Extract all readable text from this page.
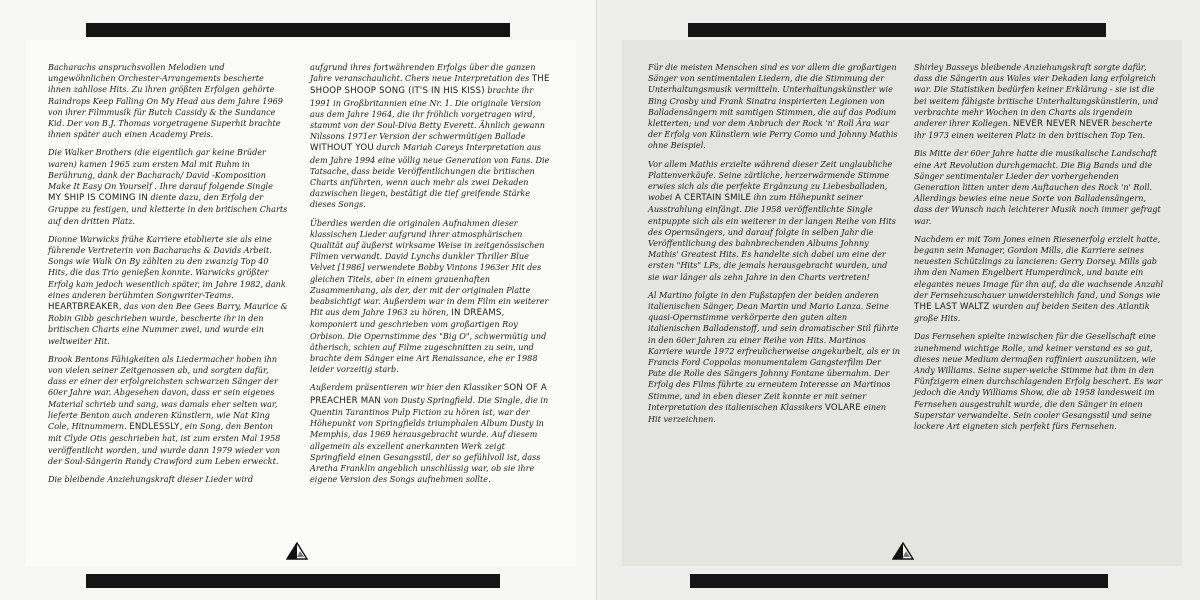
Bacharachs anspruchsvollen Melodien und ungewöhnlichen Orchester-Arrangements bescherte ihnen zahllose Hits. Zu ihren größten Erfolgen gehörte Raindrops Keep Falling On My Head aus dem Jahre 1969 von ihrer Filmmusik für Butch Cassidy & the Sundance Kid. Der von B.J. Thomas vorgetragene Superhit brachte ihnen später auch einen Academy Preis.

Die Walker Brothers (die eigentlich gar keine Brüder waren) kamen 1965 zum ersten Mal mit Ruhm in Berührung, dank der Bacharach/ David -Komposition Make It Easy On Yourself . Ihre darauf folgende Single MY SHIP IS COMING IN diente dazu, den Erfolg der Gruppe zu festigen, und kletterte in den britischen Charts auf den dritten Platz.

Dionne Warwicks frühe Karriere etablierte sie als eine führende Vertreterin von Bacharachs & Davids Arbeit. Songs wie Walk On By zählten zu den zwanzig Top 40 Hits, die das Trio genießen konnte. Warwicks größter Erfolg kam jedoch wesentlich später, im Jahre 1982, dank eines anderen berühmten Songwriter-Teams. HEARTBREAKER, das von den Bee Gees Barry, Maurice & Robin Gibb geschrieben wurde, bescherte ihr in den britischen Charts eine Nummer zwei, und wurde ein weltweiter Hit.

Brook Bentons Fähigkeiten als Liedermacher hoben ihn von vielen seiner Zeitgenossen ab, und sorgten dafür, dass er einer der erfolgreichsten schwarzen Sänger der 60er Jahre war. Abgesehen davon, dass er sein eigenes Material schrieb und sang, was damals eher selten war, lieferte Benton auch anderen Künstlern, wie Nat King Cole, Hitnummern. ENDLESSLY, ein Song, den Benton mit Clyde Otis geschrieben hat, ist zum ersten Mal 1958 veröffentlicht worden, und wurde dann 1979 wieder von der Soul-Sängerin Randy Crawford zum Leben erweckt.

Die bleibende Anziehungskraft dieser Lieder wird

aufgrund ihres fortwährenden Erfolgs über die ganzen Jahre veranschaulicht. Chers neue Interpretation des THE SHOOP SHOOP SONG (IT'S IN HIS KISS) brachte ihr 1991 in Großbritannien eine Nr. 1. Die originale Version aus dem Jahre 1964, die ihr fröhlich vorgetragen wird, stammt von der Soul-Diva Betty Everett. Ähnlich gewann Nilssons 1971er Version der schwermütigen Ballade WITHOUT YOU durch Mariah Careys Interpretation aus dem Jahre 1994 eine völlig neue Generation von Fans. Die Tatsache, dass beide Veröffentlichungen die britischen Charts anführten, wenn auch mehr als zwei Dekaden dazwischen liegen, bestätigt die tief greifende Stärke dieses Songs.

Überdies werden die originalen Aufnahmen dieser klassischen Lieder aufgrund ihrer atmosphärischen Qualität auf äußerst wirksame Weise in zeitgenössischen Filmen verwandt. David Lynchs dunkler Thriller Blue Velvet [1986] verwendete Bobby Vintons 1963er Hit des gleichen Titels, aber in einem grauenhaften Zusammenhang, als der, der mit der originalen Platte beabsichtigt war. Außerdem war in dem Film ein weiterer Hit aus dem Jahre 1963 zu hören, IN DREAMS, komponiert und geschrieben vom großartigen Roy Orbison. Die Opernstimme des "Big O", schwermütig und ätherisch, schien auf Filme zugeschnitten zu sein, und brachte dem Sänger eine Art Renaissance, ehe er 1988 leider vorzeitig starb.

Außerdem präsentieren wir hier den Klassiker SON OF A PREACHER MAN von Dusty Springfield. Die Single, die in Quentin Tarantinos Pulp Fiction zu hören ist, war der Höhepunkt von Springfields triumphalen Album Dusty in Memphis, das 1969 herausgebracht wurde. Auf diesem allgemein als exzellent anerkannten Werk zeigt Springfield einen Gesangsstil, der so gefühlvoll ist, dass Aretha Franklin angeblich unschlüssig war, ob sie ihre eigene Version des Songs aufnehmen sollte.

Für die meisten Menschen sind es vor allem die großartigen Sänger von sentimentalen Liedern, die die Stimmung der Unterhaltungsmusik vermitteln. Unterhaltungskünstler wie Bing Crosby und Frank Sinatra inspirierten Legionen von Balladensängern mit samtigen Stimmen, die auf das Podium kletterten; und vor dem Anbruch der Rock 'n' Roll Ära war der Erfolg von Künstlern wie Perry Como und Johnny Mathis ohne Beispiel.

Vor allem Mathis erzielte während dieser Zeit unglaubliche Plattenverkäufe. Seine zärtliche, herzerwärmende Stimme erwies sich als die perfekte Ergänzung zu Liebesballaden, wobei A CERTAIN SMILE ihn zum Höhepunkt seiner Ausstrahlung einfängt. Die 1958 veröffentlichte Single entpuppte sich als ein weiterer in der langen Reihe von Hits des Opernsängers, und darauf folgte in selben Jahr die Veröffentlichung des bahnbrechenden Albums Johnny Mathis' Greatest Hits. Es handelte sich dabei um eine der ersten "Hits" LPs, die jemals herausgebracht wurden, und sie war länger als zehn Jahre in den Charts vertreten!

Al Martino folgte in den Fußstapfen der beiden anderen italienischen Sänger, Dean Martin und Mario Lanza. Seine quasi-Opernstimme verkörperte den guten alten italienischen Balladenstoff, und sein dramatischer Stil führte in den 60er Jahren zu einer Reihe von Hits. Martinos Karriere wurde 1972 erfreulicherweise angekurbelt, als er in Francis Ford Coppolas monumentalem Gangsterfilm Der Pate die Rolle des Sängers Johnny Fontane übernahm. Der Erfolg des Films führte zu erneutem Interesse an Martinos Stimme, und in eben dieser Zeit konnte er mit seiner Interpretation des italienischen Klassikers VOLARE einen Hit verzeichnen.

Shirley Basseys bleibende Anziehungskraft sorgte dafür, dass die Sängerin aus Wales vier Dekaden lang erfolgreich war. Die Statistiken bedürfen keiner Erklärung - sie ist die bei weitem fähigste britische Unterhaltungskünstlerin, und verbrachte mehr Wochen in den Charts als irgendein anderer ihrer Kollegen. NEVER NEVER NEVER bescherte ihr 1973 einen weiteren Platz in den britischen Top Ten.

Bis Mitte der 60er Jahre hatte die musikalische Landschaft eine Art Revolution durchgemacht. Die Big Bands und die Sänger sentimentaler Lieder der vorhergehenden Generation litten unter dem Auftauchen des Rock 'n' Roll. Allerdings bewies eine neue Sorte von Balladensängern, dass der Wunsch nach leichterer Musik noch immer gefragt war.

Nachdem er mit Tom Jones einen Riesenerfolg erzielt hatte, begann sein Manager, Gordon Mills, die Karriere seines neuesten Schützlings zu lancieren: Gerry Dorsey. Mills gab ihm den Namen Engelbert Humperdinck, und baute ein elegantes neues Image für ihn auf, da die wachsende Anzahl der Fernsehzuschauer unwiderstehlich fand, und Songs wie THE LAST WALTZ wurden auf beiden Seiten des Atlantik große Hits.

Das Fernsehen spielte inzwischen für die Gesellschaft eine zunehmend wichtige Rolle, und keiner verstand es so gut, dieses neue Medium dermaßen raffiniert auszunützen, wie Andy Williams. Seine super-weiche Stimme hat ihm in den Fünfzigern einen durchschlagenden Erfolg beschert. Es war jedoch die Andy Williams Show, die ab 1958 landesweit im Fernsehen ausgestrahlt wurde, die den Sänger in einen Superstar verwandelte. Sein cooler Gesangsstil und seine lockere Art eigneten sich perfekt fürs Fernsehen.
